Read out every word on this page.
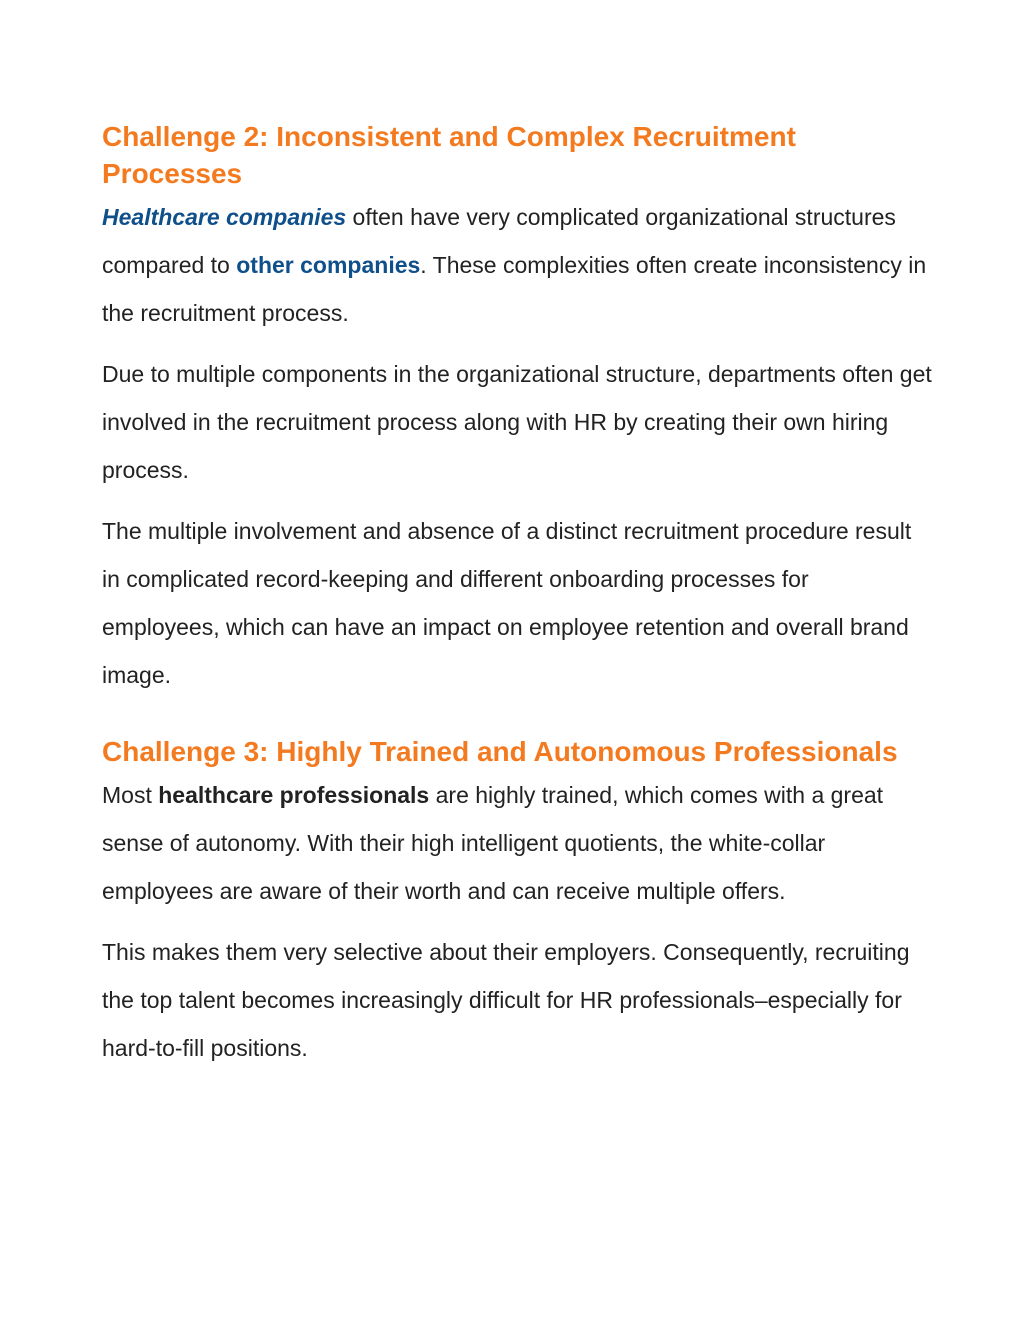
Challenge 2: Inconsistent and Complex Recruitment Processes

Healthcare companies often have very complicated organizational structures compared to other companies. These complexities often create inconsistency in the recruitment process.

Due to multiple components in the organizational structure, departments often get involved in the recruitment process along with HR by creating their own hiring process.

The multiple involvement and absence of a distinct recruitment procedure result in complicated record-keeping and different onboarding processes for employees, which can have an impact on employee retention and overall brand image.

Challenge 3: Highly Trained and Autonomous Professionals

Most healthcare professionals are highly trained, which comes with a great sense of autonomy. With their high intelligent quotients, the white-collar employees are aware of their worth and can receive multiple offers.

This makes them very selective about their employers. Consequently, recruiting the top talent becomes increasingly difficult for HR professionals–especially for hard-to-fill positions.
